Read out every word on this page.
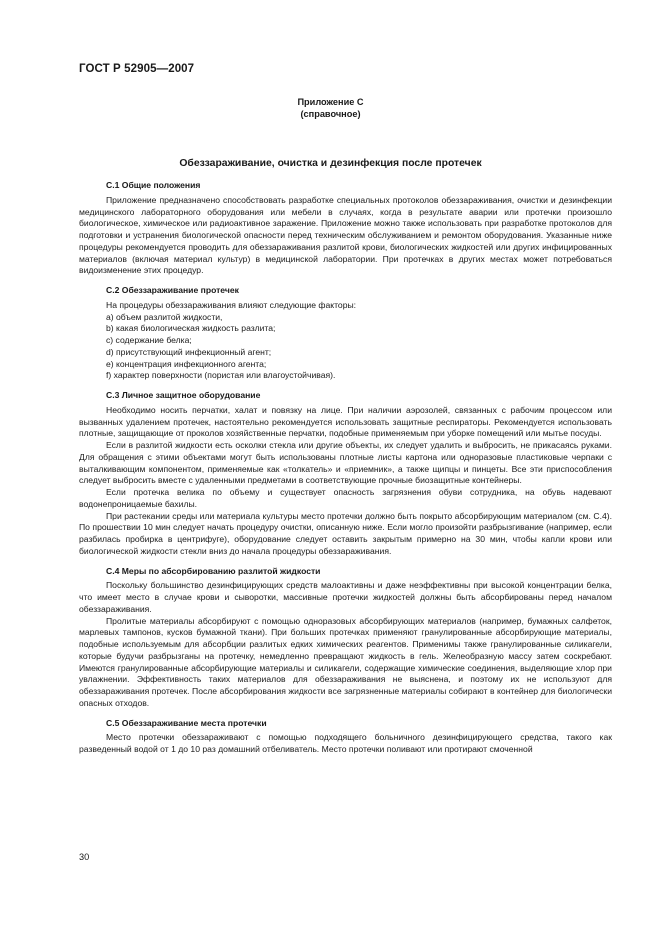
ГОСТ Р 52905—2007
Приложение С
(справочное)
Обеззараживание, очистка и дезинфекция после протечек
С.1 Общие положения

Приложение предназначено способствовать разработке специальных протоколов обеззараживания, очистки и дезинфекции медицинского лабораторного оборудования или мебели в случаях, когда в результате аварии или протечки произошло биологическое, химическое или радиоактивное заражение. Приложение можно также использовать при разработке протоколов для подготовки и устранения биологической опасности перед техническим обслуживанием и ремонтом оборудования. Указанные ниже процедуры рекомендуется проводить для обеззараживания разлитой крови, биологических жидкостей или других инфицированных материалов (включая материал культур) в медицинской лаборатории. При протечках в других местах может потребоваться видоизменение этих процедур.

С.2 Обеззараживание протечек

На процедуры обеззараживания влияют следующие факторы:

а) объем разлитой жидкости,

b) какая биологическая жидкость разлита;

с) содержание белка;

d) присутствующий инфекционный агент;

е) концентрация инфекционного агента;

f) характер поверхности (пористая или влагоустойчивая).

С.3 Личное защитное оборудование

Необходимо носить перчатки, халат и повязку на лице. При наличии аэрозолей, связанных с рабочим процессом или вызванных удалением протечек, настоятельно рекомендуется использовать защитные респираторы. Рекомендуется использовать плотные, защищающие от проколов хозяйственные перчатки, подобные применяемым при уборке помещений или мытье посуды.

Если в разлитой жидкости есть осколки стекла или другие объекты, их следует удалить и выбросить, не прикасаясь руками. Для обращения с этими объектами могут быть использованы плотные листы картона или одноразовые пластиковые черпаки с выталкивающим компонентом, применяемые как «толкатель» и «приемник», а также щипцы и пинцеты. Все эти приспособления следует выбросить вместе с удаленными предметами в соответствующие прочные биозащитные контейнеры.

Если протечка велика по объему и существует опасность загрязнения обуви сотрудника, на обувь надевают водонепроницаемые бахилы.

При растекании среды или материала культуры место протечки должно быть покрыто абсорбирующим материалом (см. С.4). По прошествии 10 мин следует начать процедуру очистки, описанную ниже. Если могло произойти разбрызгивание (например, если разбилась пробирка в центрифуге), оборудование следует оставить закрытым примерно на 30 мин, чтобы капли крови или биологической жидкости стекли вниз до начала процедуры обеззараживания.

С.4 Меры по абсорбированию разлитой жидкости

Поскольку большинство дезинфицирующих средств малоактивны и даже неэффективны при высокой концентрации белка, что имеет место в случае крови и сыворотки, массивные протечки жидкостей должны быть абсорбированы перед началом обеззараживания.

Пролитые материалы абсорбируют с помощью одноразовых абсорбирующих материалов (например, бумажных салфеток, марлевых тампонов, кусков бумажной ткани). При больших протечках применяют гранулированные абсорбирующие материалы, подобные используемым для абсорбции разлитых едких химических реагентов. Применимы также гранулированные силикагели, которые будучи разбрызганы на протечку, немедленно превращают жидкость в гель. Желеобразную массу затем соскребают. Имеются гранулированные абсорбирующие материалы и силикагели, содержащие химические соединения, выделяющие хлор при увлажнении. Эффективность таких материалов для обеззараживания не выяснена, и поэтому их не используют для обеззараживания протечек. После абсорбирования жидкости все загрязненные материалы собирают в контейнер для биологически опасных отходов.

С.5 Обеззараживание места протечки

Место протечки обеззараживают с помощью подходящего больничного дезинфицирующего средства, такого как разведенный водой от 1 до 10 раз домашний отбеливатель. Место протечки поливают или протирают смоченной

30
